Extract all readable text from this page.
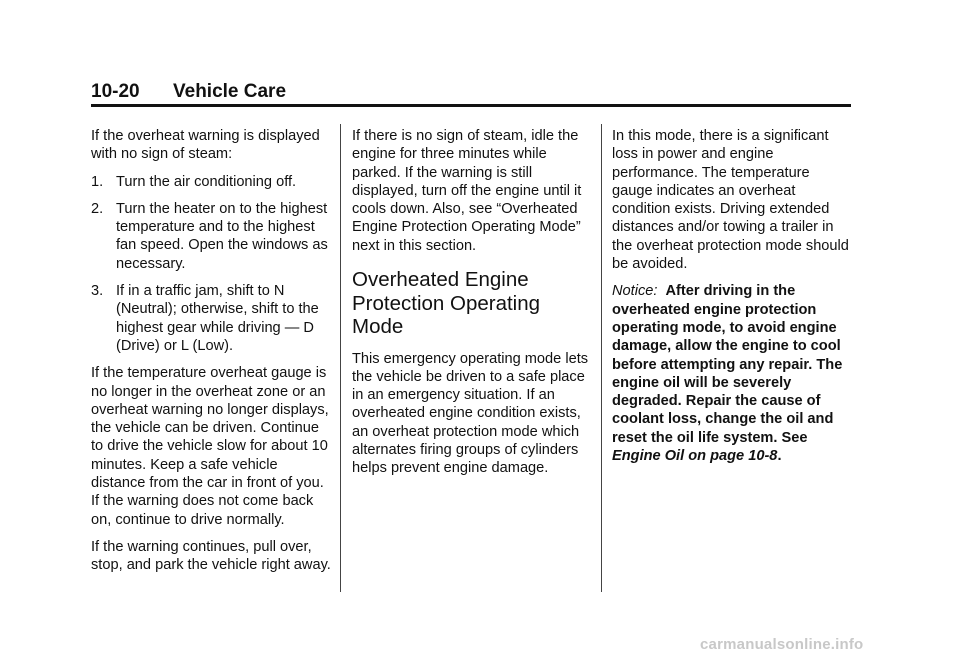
10-20 Vehicle Care

If the overheat warning is displayed with no sign of steam:

1. Turn the air conditioning off.
2. Turn the heater on to the highest temperature and to the highest fan speed. Open the windows as necessary.
3. If in a traffic jam, shift to N (Neutral); otherwise, shift to the highest gear while driving — D (Drive) or L (Low).

If the temperature overheat gauge is no longer in the overheat zone or an overheat warning no longer displays, the vehicle can be driven. Continue to drive the vehicle slow for about 10 minutes. Keep a safe vehicle distance from the car in front of you. If the warning does not come back on, continue to drive normally.

If the warning continues, pull over, stop, and park the vehicle right away.

If there is no sign of steam, idle the engine for three minutes while parked. If the warning is still displayed, turn off the engine until it cools down. Also, see “Overheated Engine Protection Operating Mode” next in this section.

Overheated Engine Protection Operating Mode

This emergency operating mode lets the vehicle be driven to a safe place in an emergency situation. If an overheated engine condition exists, an overheat protection mode which alternates firing groups of cylinders helps prevent engine damage.

In this mode, there is a significant loss in power and engine performance. The temperature gauge indicates an overheat condition exists. Driving extended distances and/or towing a trailer in the overheat protection mode should be avoided.

Notice: After driving in the overheated engine protection operating mode, to avoid engine damage, allow the engine to cool before attempting any repair. The engine oil will be severely degraded. Repair the cause of coolant loss, change the oil and reset the oil life system. See Engine Oil on page 10-8.

carmanualsonline.info
